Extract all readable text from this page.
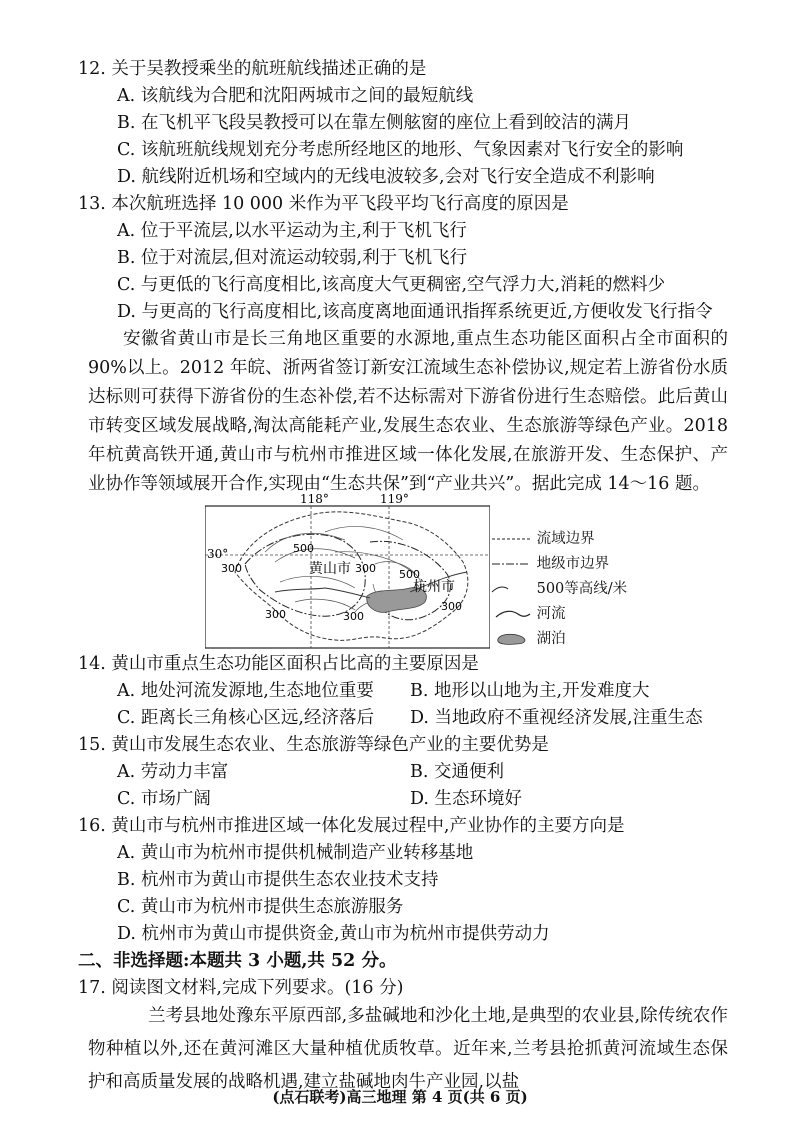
12. 关于吴教授乘坐的航班航线描述正确的是
A. 该航线为合肥和沈阳两城市之间的最短航线
B. 在飞机平飞段吴教授可以在靠左侧舷窗的座位上看到皎洁的满月
C. 该航班航线规划充分考虑所经地区的地形、气象因素对飞行安全的影响
D. 航线附近机场和空域内的无线电波较多,会对飞行安全造成不利影响
13. 本次航班选择 10 000 米作为平飞段平均飞行高度的原因是
A. 位于平流层,以水平运动为主,利于飞机飞行
B. 位于对流层,但对流运动较弱,利于飞机飞行
C. 与更低的飞行高度相比,该高度大气更稠密,空气浮力大,消耗的燃料少
D. 与更高的飞行高度相比,该高度离地面通讯指挥系统更近,方便收发飞行指令
安徽省黄山市是长三角地区重要的水源地,重点生态功能区面积占全市面积的90%以上。2012 年皖、浙两省签订新安江流域生态补偿协议,规定若上游省份水质达标则可获得下游省份的生态补偿,若不达标需对下游省份进行生态赔偿。此后黄山市转变区域发展战略,淘汰高能耗产业,发展生态农业、生态旅游等绿色产业。2018 年杭黄高铁开通,黄山市与杭州市推进区域一体化发展,在旅游开发、生态保护、产业协作等领域展开合作,实现由“生态共保”到“产业共兴”。据此完成 14～16 题。
118°	119°
30°
黄山市
杭州市
300
500
300	300
500
300
300
流域边界
地级市边界
500等高线/米
河流
湖泊
14. 黄山市重点生态功能区面积占比高的主要原因是
A. 地处河流发源地,生态地位重要 B. 地形以山地为主,开发难度大
C. 距离长三角核心区远,经济落后 D. 当地政府不重视经济发展,注重生态
15. 黄山市发展生态农业、生态旅游等绿色产业的主要优势是
A. 劳动力丰富	B. 交通便利
C. 市场广阔	D. 生态环境好
16. 黄山市与杭州市推进区域一体化发展过程中,产业协作的主要方向是
A. 黄山市为杭州市提供机械制造产业转移基地
B. 杭州市为黄山市提供生态农业技术支持
C. 黄山市为杭州市提供生态旅游服务
D. 杭州市为黄山市提供资金,黄山市为杭州市提供劳动力
二、非选择题:本题共 3 小题,共 52 分。
17. 阅读图文材料,完成下列要求。(16 分)
兰考县地处豫东平原西部,多盐碱地和沙化土地,是典型的农业县,除传统农作物种植以外,还在黄河滩区大量种植优质牧草。近年来,兰考县抢抓黄河流域生态保护和高质量发展的战略机遇,建立盐碱地肉牛产业园,以盐
(点石联考)高三地理 第 4 页(共 6 页)
